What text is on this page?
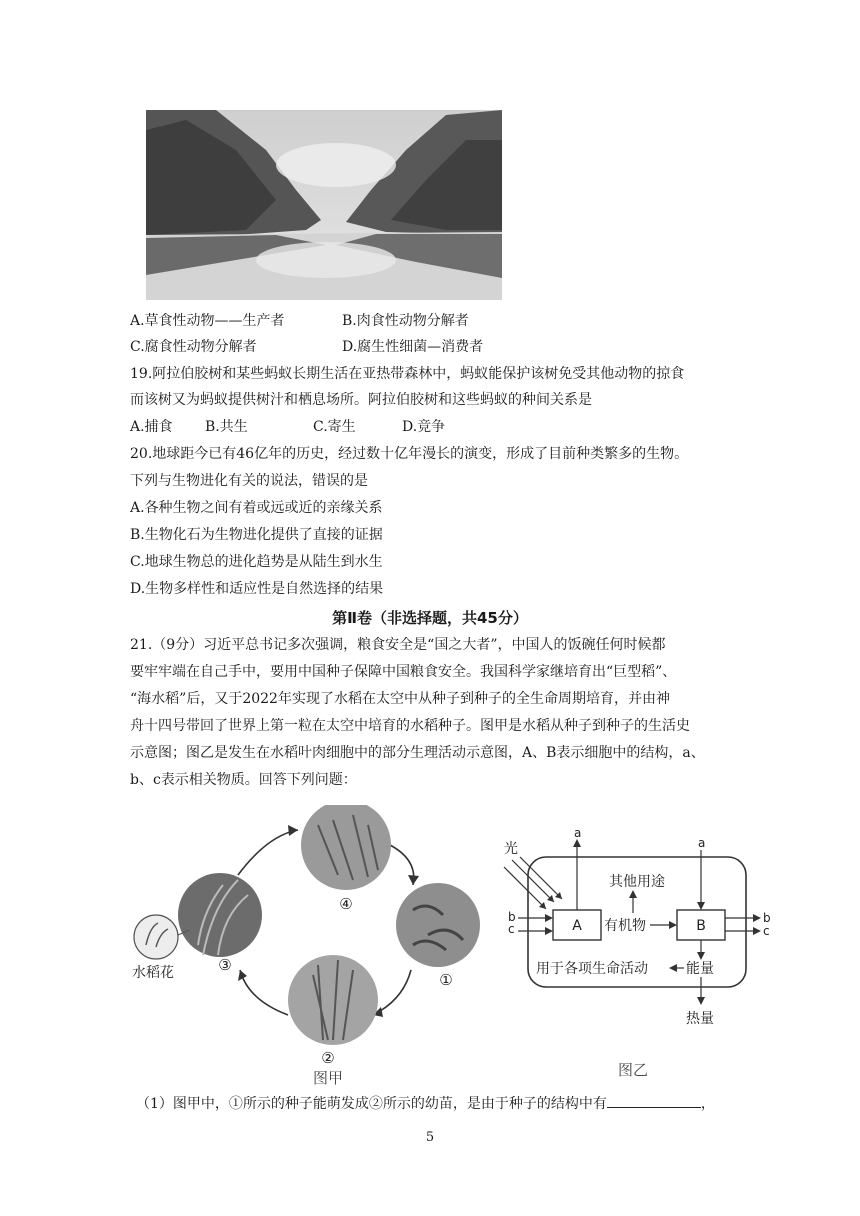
A.草食性动物——生产者	B.肉食性动物分解者
C.腐食性动物分解者	D.腐生性细菌—消费者
19.阿拉伯胶树和某些蚂蚁长期生活在亚热带森林中，蚂蚁能保护该树免受其他动物的掠食
而该树又为蚂蚁提供树汁和栖息场所。阿拉伯胶树和这些蚂蚁的种间关系是
A.捕食 B.共生	C.寄生	D.竞争
20.地球距今已有46亿年的历史，经过数十亿年漫长的演变，形成了目前种类繁多的生物。
下列与生物进化有关的说法，错误的是
A.各种生物之间有着或远或近的亲缘关系
B.生物化石为生物进化提供了直接的证据
C.地球生物总的进化趋势是从陆生到水生
D.生物多样性和适应性是自然选择的结果
第Ⅱ卷（非选择题，共45分）
21.（9分）习近平总书记多次强调，粮食安全是“国之大者”，中国人的饭碗任何时候都
要牢牢端在自己手中，要用中国种子保障中国粮食安全。我国科学家继培育出“巨型稻”、
“海水稻”后，又于2022年实现了水稻在太空中从种子到种子的全生命周期培育，并由神
舟十四号带回了世界上第一粒在太空中培育的水稻种子。图甲是水稻从种子到种子的生活史
示意图；图乙是发生在水稻叶肉细胞中的部分生理活动示意图，A、B表示细胞中的结构，a、
b、c表示相关物质。回答下列问题：
④
①
②
③
水稻花
图甲
光
A	B
a
a
b
c	有机物
其他用途
b
c
能量
用于各项生命活动
热量
图乙
（1）图甲中，①所示的种子能萌发成②所示的幼苗，是由于种子的结构中有	，
5
